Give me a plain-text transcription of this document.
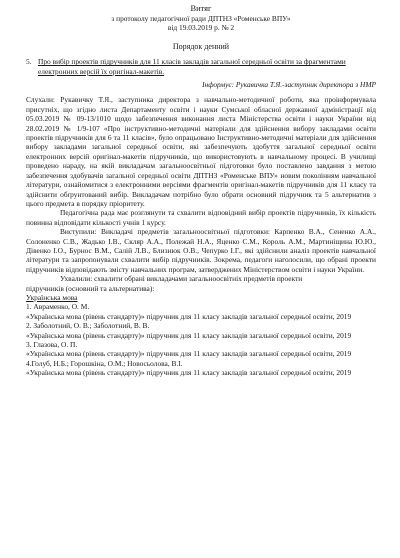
Витяг
з протоколу педагогічної ради ДПТНЗ «Роменське ВПУ»
від 19.03.2019 р. № 2
Порядок денний
5. Про вибір проектів підручників для 11 класів закладів загальної середньої освіти за фрагментами електронних версій їх оригінал-макетів.
Інформує: Рукавичка Т.Я.-заступник директора з НМР

Слухали: Рукавичку Т.Я., заступника директора з навчально-методичної роботи, яка проінформувала присутніх, що згідно листа Департаменту освіти і науки Сумської обласної державної адміністрації від 05.03.2019 № 09-13/1010 щодо забезпечення виконання листа Міністерства освіти і науки України від 28.02.2019 № 1/9-107 «Про інструктивно-методичні матеріали для здійснення вибору закладами освіти проектів підручників для 6 та 11 класів», було опрацьовано Інструктивно-методичні матеріали для здійснення вибору закладами загальної середньої освіти, які забезпечують здобуття загальної середньої освіти електронних версій оригінал-макетів підручників, що використовують в навчальному процесі. В училищі проведено нараду, на якій викладачам загальноосвітньої підготовки було поставлено завдання з метою забезпечення здобувачів загальної середньої освіти ДПТНЗ «Роменське ВПУ» новим поколінням навчальної літератури, ознайомитися з електронними версіями фрагментів оригінал-макетів підручників для 11 класу та здійснити обґрунтований вибір. Викладачам потрібно було обрати основний підручник та 5 альтернатив з цього предмета в порядку пріоритету.

Педагогічна рада має розглянути та схвалити відповідний вибір проектів підручників, їх кількість повинна відповідати кількості учнів 1 курсу.

Виступили: Викладачі предметів загальноосвітньої підготовки: Карпенко В.А., Сененко А.А., Солоненко С.В., Жадько І.В., Скляр А.А., Полежай Н.А., Яценко С.М., Король А.М., Мартиніщина Ю.Ю., Дівенко І.О., Бурнос В.М., Салій Л.В., Близнюк О.В., Чепурко І.Г., які здійснили аналіз проектів навчальної літератури та запропонували схвалити вибір підручників. Зокрема, педагоги наголосили, що обрані проекти підручників відповідають змісту навчальних програм, затверджених Міністерством освіти і науки України.

Ухвалили: схвалити обрані викладачами загальноосвітніх предметів проекти

підручників (основний та альтернатива):

Українська мова
1. Авраменко, О. М.
«Українська мова (рівень стандарту)» підручник для 11 класу закладів загальної середньої освіти, 2019
2. Заболотний, О. В.; Заболотний, В. В.
«Українська мова (рівень стандарту)» підручник для 11 класу закладів загальної середньої освіти, 2019
3. Глазова, О. П.
«Українська мова (рівень стандарту)» підручник для 11 класу закладів загальної середньої освіти, 2019
4.Голуб, Н.Б.; Горошкіна, О.М.; Новосьолова, В.І.
«Українська мова (рівень стандарту)» підручник для 11 класу закладів загальної середньої освіти, 2019
